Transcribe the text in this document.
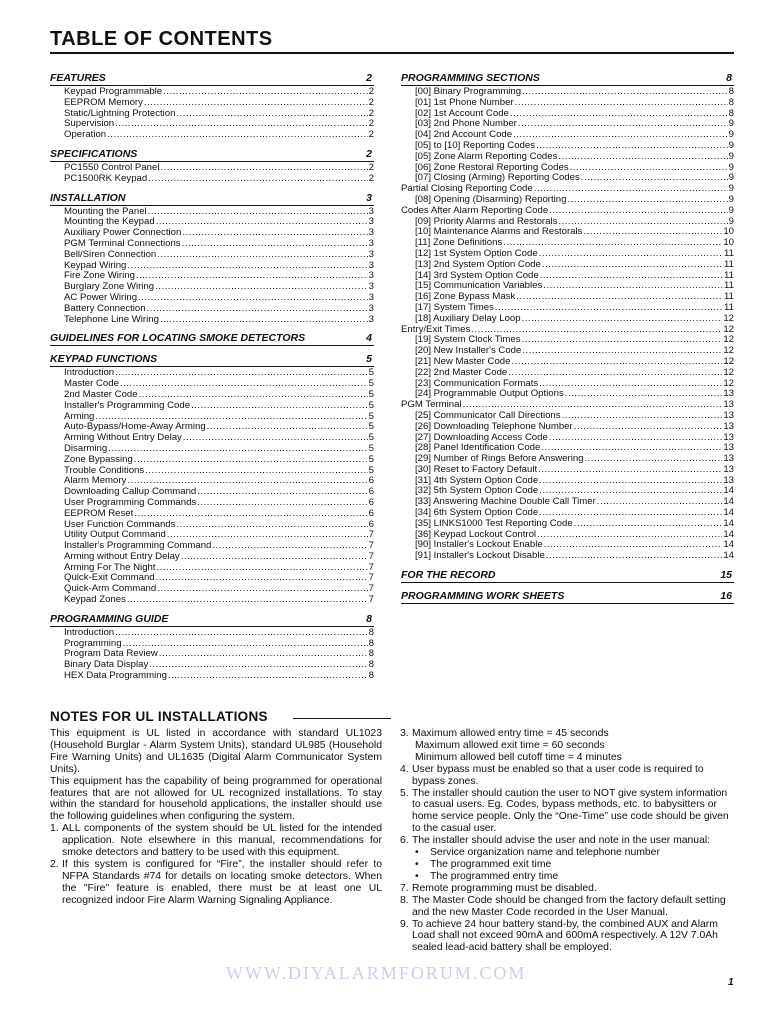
TABLE OF CONTENTS
FEATURES	2
Keypad Programmable .....	2
EEPROM Memory .....	2
Static/Lightning Protection .....	2
Supervision .....	2
Operation .....	2
SPECIFICATIONS	2
PC1550 Control Panel .....	2
PC1500RK Keypad .....	2
INSTALLATION	3
Mounting the Panel .....	3
Mounting the Keypad .....	3
Auxiliary Power Connection .....	3
PGM Terminal Connections .....	3
Bell/Siren Connection .....	3
Keypad Wiring .....	3
Fire Zone Wiring .....	3
Burglary Zone Wiring .....	3
AC Power Wiring .....	3
Battery Connection .....	3
Telephone Line Wiring .....	3
GUIDELINES FOR LOCATING SMOKE DETECTORS	4
KEYPAD FUNCTIONS	5
Introduction .....	5
Master Code .....	5
2nd Master Code .....	5
Installer's Programming Code .....	5
Arming .....	5
Auto-Bypass/Home-Away Arming .....	5
Arming Without Entry Delay .....	5
Disarming .....	5
Zone Bypassing .....	5
Trouble Conditions .....	5
Alarm Memory .....	6
Downloading Callup Command .....	6
User Programming Commands .....	6
EEPROM Reset .....	6
User Function Commands .....	6
Utility Output Command .....	7
Installer's Programming Command .....	7
Arming without Entry Delay .....	7
Arming For The Night .....	7
Quick-Exit Command .....	7
Quick-Arm Command .....	7
Keypad Zones .....	7
PROGRAMMING GUIDE	8
Introduction .....	8
Programming .....	8
Program Data Review .....	8
Binary Data Display .....	8
HEX Data Programming .....	8
PROGRAMMING SECTIONS	8
[00] Binary Programming .....	8
[01] 1st Phone Number .....	8
[02] 1st Account Code .....	8
[03] 2nd Phone Number .....	9
[04] 2nd Account Code .....	9
[05] to [10] Reporting Codes .....	9
[05] Zone Alarm Reporting Codes .....	9
[06] Zone Restoral Reporting Codes .....	9
[07] Closing (Arming) Reporting Codes .....	9
Partial Closing Reporting Code .....	9
[08] Opening (Disarming) Reporting .....	9
Codes After Alarm Reporting Code .....	9
[09] Priority Alarms and Restorals .....	9
[10] Maintenance Alarms and Restorals .....	10
[11] Zone Definitions .....	10
[12] 1st System Option Code .....	11
[13] 2nd System Option Code .....	11
[14] 3rd System Option Code .....	11
[15] Communication Variables .....	11
[16] Zone Bypass Mask .....	11
[17] System Times .....	11
[18] Auxiliary Delay Loop .....	12
Entry/Exit Times .....	12
[19] System Clock Times .....	12
[20] New Installer's Code .....	12
[21] New Master Code .....	12
[22] 2nd Master Code .....	12
[23] Communication Formats .....	12
[24] Programmable Output Options .....	13
PGM Terminal .....	13
[25] Communicator Call Directions .....	13
[26] Downloading Telephone Number .....	13
[27] Downloading Access Code .....	13
[28] Panel Identification Code .....	13
[29] Number of Rings Before Answering .....	13
[30] Reset to Factory Default .....	13
[31] 4th System Option Code .....	13
[32] 5th System Option Code .....	14
[33] Answering Machine Double Call Timer .....	14
[34] 6th System Option Code .....	14
[35] LINKS1000 Test Reporting Code .....	14
[36] Keypad Lockout Control .....	14
[90] Installer's Lockout Enable .....	14
[91] Installer's Lockout Disable .....	14
FOR THE RECORD	15
PROGRAMMING WORK SHEETS	16
NOTES FOR UL INSTALLATIONS

This equipment is UL listed in accordance with standard UL1023 (Household Burglar - Alarm System Units), standard UL985 (Household Fire Warning Units) and UL1635 (Digital Alarm Communicator System Units).

This equipment has the capability of being programmed for operational features that are not allowed for UL recognized installations. To stay within the standard for household applications, the installer should use the following guidelines when configuring the system.

1. ALL components of the system should be UL listed for the intended application. Note elsewhere in this manual, recommendations for smoke detectors and battery to be used with this equipment.
2. If this system is configured for “Fire”, the installer should refer to NFPA Standards #74 for details on locating smoke detectors. When the "Fire" feature is enabled, there must be at least one UL recognized indoor Fire Alarm Warning Signaling Appliance.
3. Maximum allowed entry time = 45 seconds
Maximum allowed exit time = 60 seconds
Minimum allowed bell cutoff time = 4 minutes
4. User bypass must be enabled so that a user code is required to bypass zones.
5. The installer should caution the user to NOT give system information to casual users. Eg. Codes, bypass methods, etc. to babysitters or home service people. Only the “One-Time” use code should be given to the casual user.
6. The installer should advise the user and note in the user manual:
•	Service organization name and telephone number
•	The programmed exit time
•	The programmed entry time
7. Remote programming must be disabled.
8. The Master Code should be changed from the factory default setting and the new Master Code recorded in the User Manual.
9. To achieve 24 hour battery stand-by, the combined AUX and Alarm Load shall not exceed 90mA and 600mA respectively. A 12V 7.0Ah sealed lead-acid battery shall be employed.
WWW.DIYALARMFORUM.COM	1
